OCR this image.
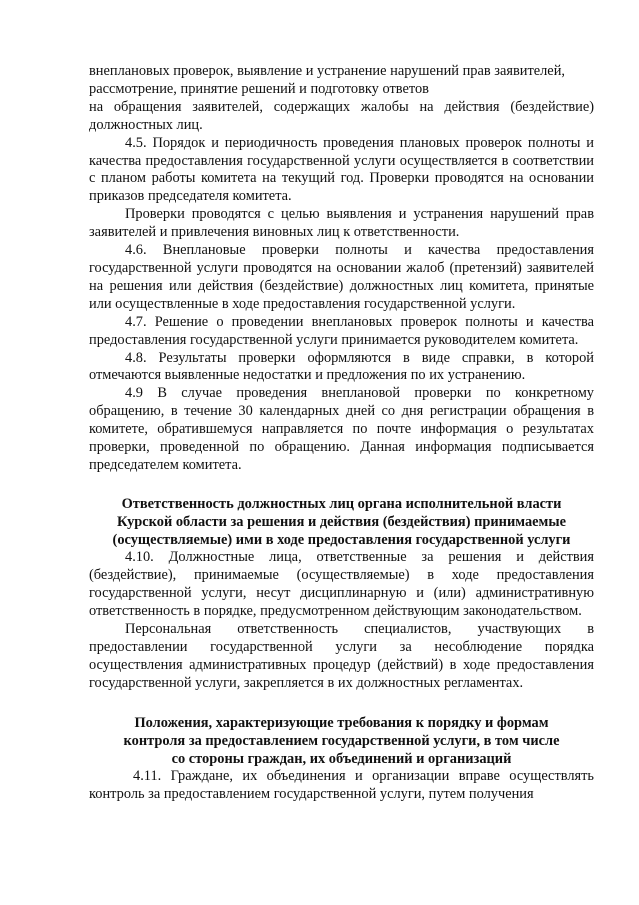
внеплановых проверок, выявление и устранение нарушений прав заявителей,

рассмотрение, принятие решений и подготовку ответов

на обращения заявителей, содержащих жалобы на действия (бездействие) должностных лиц.

4.5. Порядок и периодичность проведения плановых проверок полноты и качества предоставления государственной услуги осуществляется в соответствии с планом работы комитета на текущий год. Проверки проводятся на основании приказов председателя комитета.

Проверки проводятся с целью выявления и устранения нарушений прав заявителей и привлечения виновных лиц к ответственности.

4.6. Внеплановые проверки полноты и качества предоставления государственной услуги проводятся на основании жалоб (претензий) заявителей на решения или действия (бездействие) должностных лиц комитета, принятые или осуществленные в ходе предоставления государственной услуги.

4.7. Решение о проведении внеплановых проверок полноты и качества предоставления государственной услуги принимается руководителем комитета.

4.8. Результаты проверки оформляются в виде справки, в которой отмечаются выявленные недостатки и предложения по их устранению.

4.9 В случае проведения внеплановой проверки по конкретному обращению, в течение 30 календарных дней со дня регистрации обращения в комитете, обратившемуся направляется по почте информация о результатах проверки, проведенной по обращению. Данная информация подписывается председателем комитета.

Ответственность должностных лиц органа исполнительной власти

Курской области за решения и действия (бездействия) принимаемые

(осуществляемые) ими в ходе предоставления государственной услуги

4.10. Должностные лица, ответственные за решения и действия (бездействие), принимаемые (осуществляемые) в ходе предоставления государственной услуги, несут дисциплинарную и (или) административную ответственность в порядке, предусмотренном действующим законодательством.

Персональная ответственность специалистов, участвующих в предоставлении государственной услуги за несоблюдение порядка осуществления административных процедур (действий) в ходе предоставления государственной услуги, закрепляется в их должностных регламентах.

Положения, характеризующие требования к порядку и формам

контроля за предоставлением государственной услуги, в том числе

со стороны граждан, их объединений и организаций

4.11. Граждане, их объединения и организации вправе осуществлять контроль за предоставлением государственной услуги, путем получения
